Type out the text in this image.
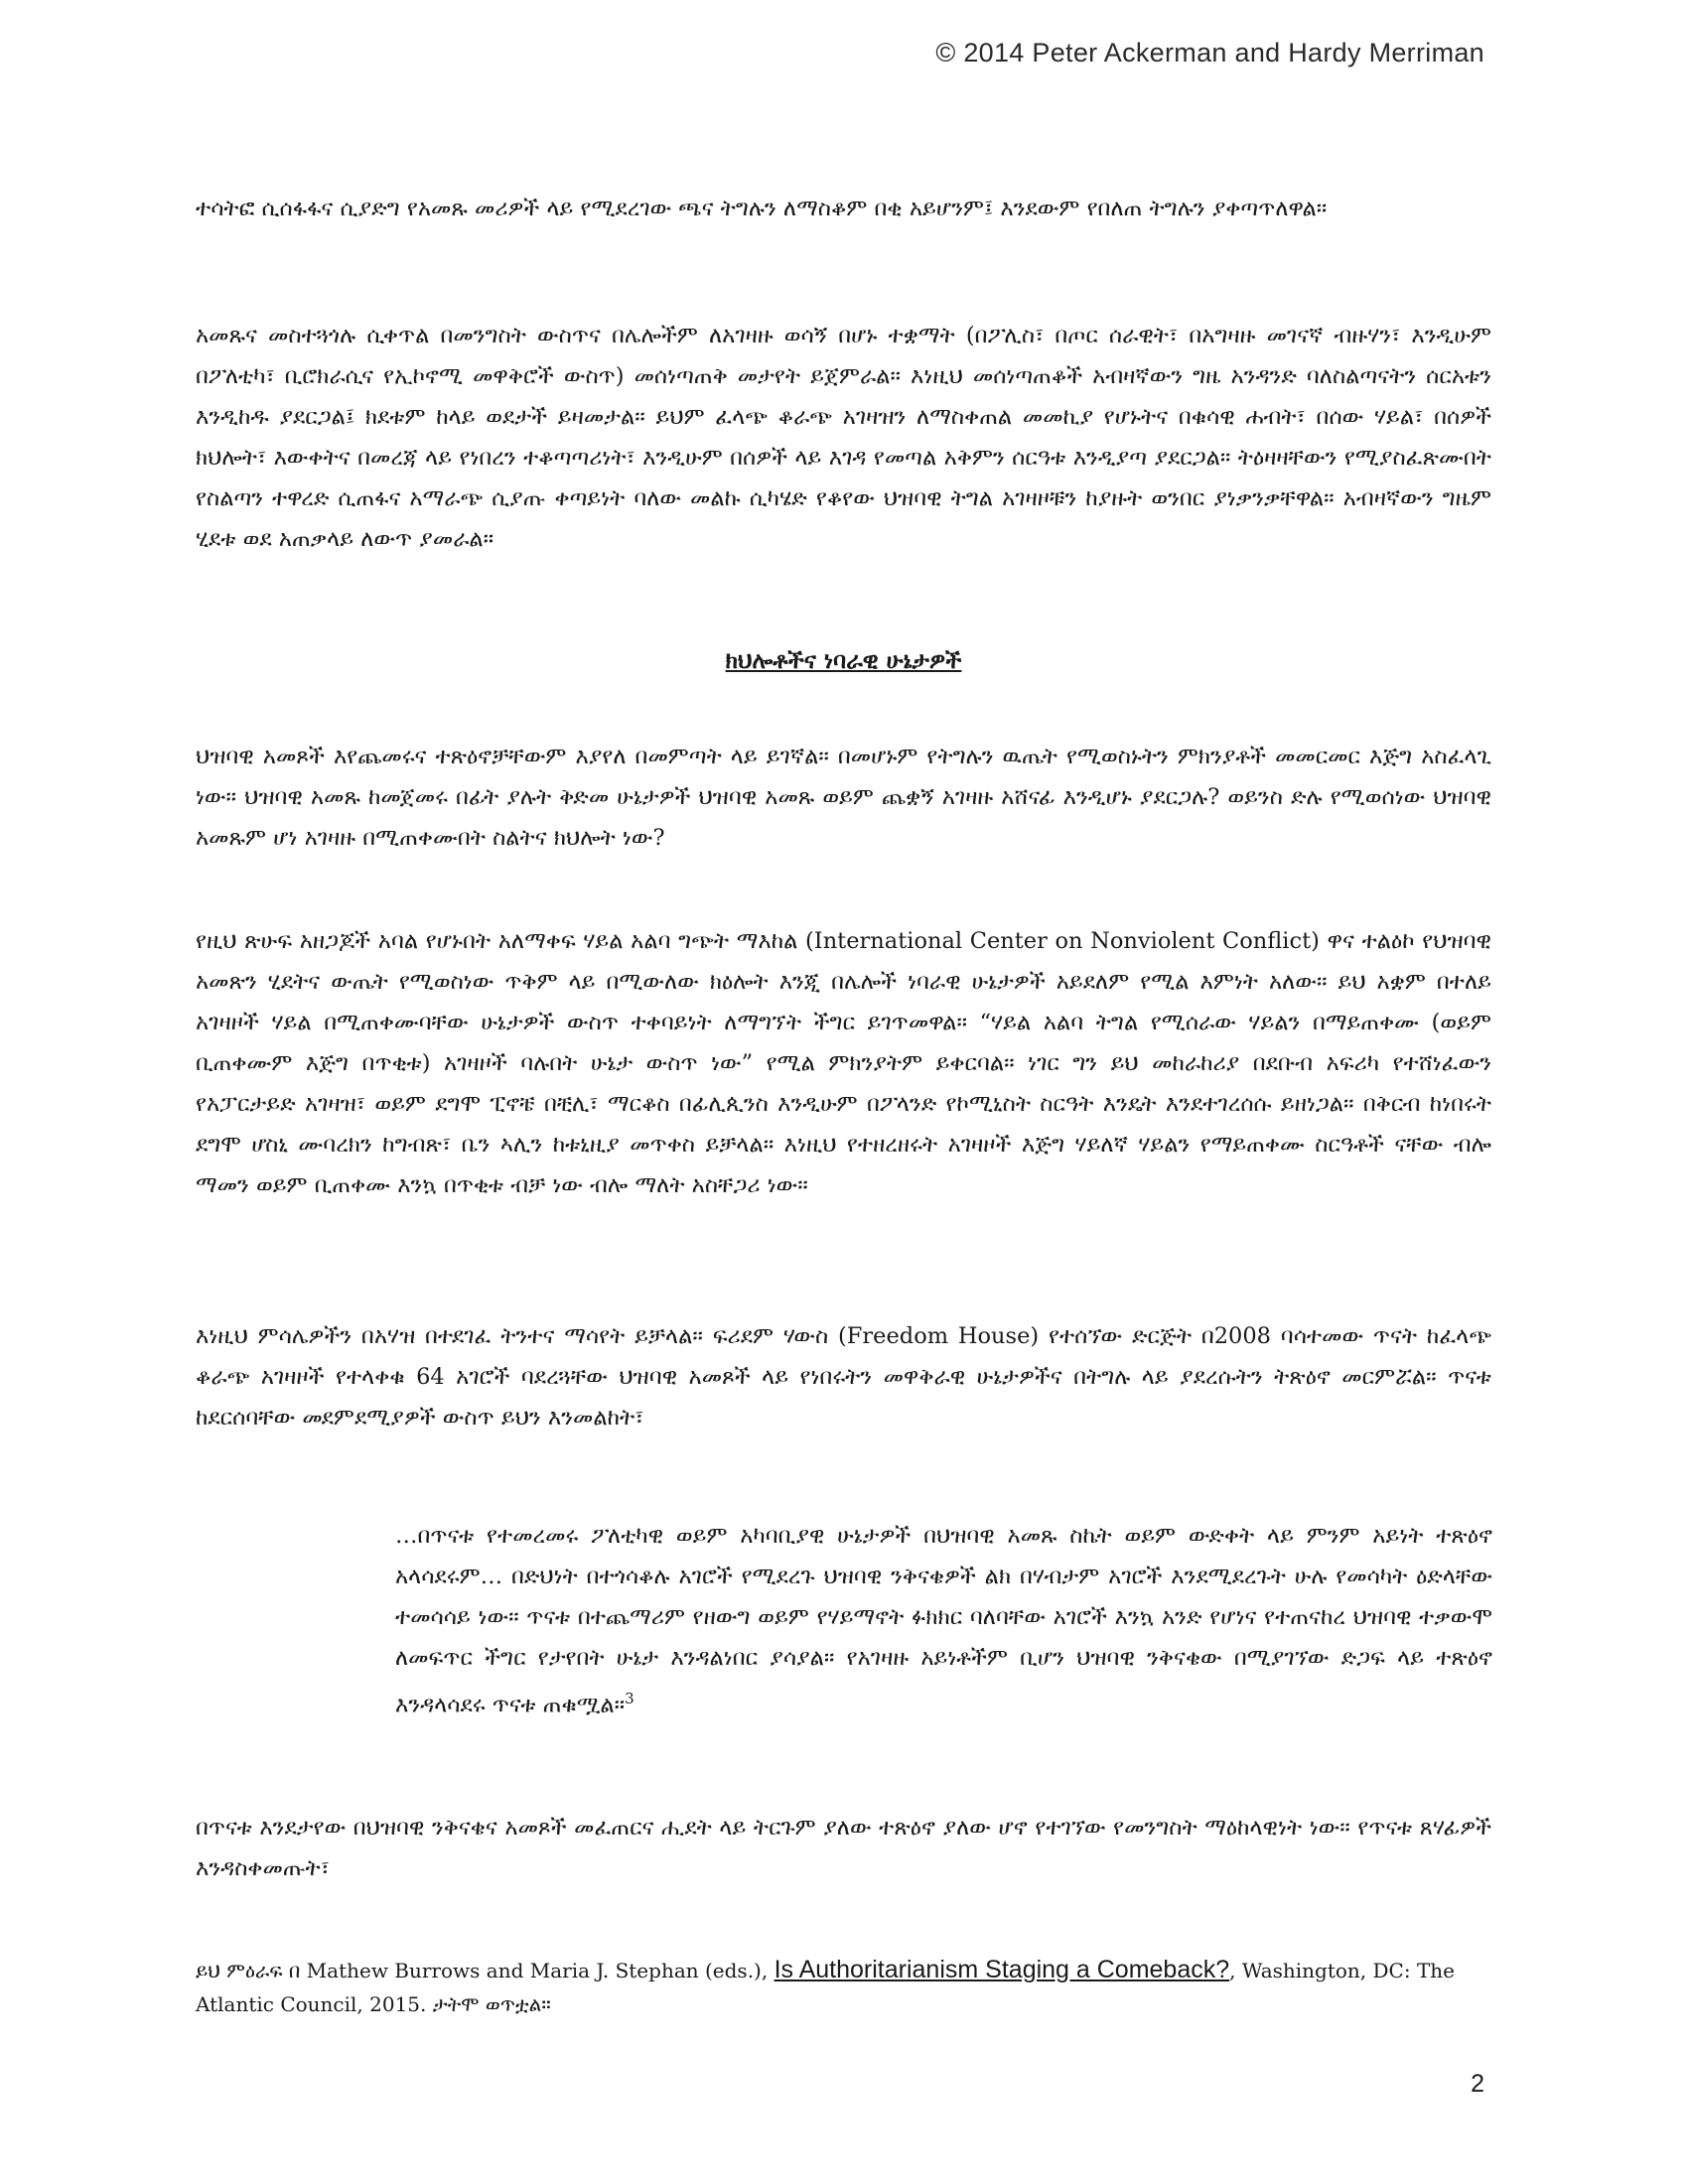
© 2014 Peter Ackerman and Hardy Merriman

ተሳትፎ ሲሰፋፋና ሲያድግ የአመጹ መሪዎች ላይ የሚደረገው ጫና ትግሉን ለማስቆም በቂ አይሆንም፤ እንደውም የበለጠ ትግሉን ያቀጣጥለዋል።

አመጹና መስተጓጎሉ ሲቀጥል በመንግስት ውስጥና በሌሎችም ለአገዛዙ ወሳኝ በሆኑ ተቋማት (በፖሊስ፣ በጦር ሰራዊት፣ በአግዛዙ መገናኛ ብዙሃን፣ እንዲሁም በፖለቲካ፣ ቢሮክራሲና የኢኮኖሚ መዋቅሮች ውስጥ) መሰነጣጠቅ መታየት ይጀምራል። እነዚህ መሰነጣጠቆች አብዛኛውን ግዜ አንዳንድ ባለስልጣናትን ሰርአቱን እንዲከዱ ያደርጋል፤ ክደቱም ከላይ ወደታች ይዛመታል። ይህም ፈላጭ ቆራጭ አገዛዝን ለማስቀጠል መመኪያ የሆኑትና በቁሳዊ ሐብት፣ በሰው ሃይል፣ በሰዎች ክህሎት፣ እውቀትና በመረጃ ላይ የነበረን ተቆጣጣሪነት፣ እንዲሁም በሰዎች ላይ እገዳ የመጣል አቅምን ሰርዓቱ እንዲያጣ ያደርጋል። ትዕዛዛቸውን የሚያስፈጽሙበት የስልጣን ተዋረድ ሲጠፋና አማራጭ ሲያጡ ቀጣይነት ባለው መልኩ ሲካሄድ የቆየው ህዝባዊ ትግል አገዛዞቹን ከያዙት ወንበር ያነቃንቃቸዋል። አብዛኛውን ግዜም ሂደቱ ወደ አጠቃላይ ለውጥ ያመራል።

ክህሎቶችና ነባራዊ ሁኔታዎች

ህዝባዊ አመጾች እየጨመሩና ተጽዕኖቻቸውም እያየለ በመምጣት ላይ ይገኛል። በመሆኑም የትግሉን ዉጤት የሚወስኑትን ምክንያቶች መመርመር እጅግ አስፈላጊ ነው። ህዝባዊ አመጹ ከመጀመሩ በፊት ያሉት ቅድመ ሁኔታዎች ህዝባዊ አመጹ ወይም ጨቋኝ አገዛዙ አሸናፊ እንዲሆኑ ያደርጋሉ? ወይንስ ድሉ የሚወሰነው ህዝባዊ አመጹም ሆነ አገዛዙ በሚጠቀሙበት ስልትና ክህሎት ነው?

የዚህ ጽሁፍ አዘጋጆች አባል የሆኑበት አለማቀፍ ሃይል አልባ ግጭት ማእከል (International Center on Nonviolent Conflict) ዋና ተልዕኮ የህዝባዊ አመጽን ሂደትና ውጤት የሚወስነው ጥቅም ላይ በሚውለው ክዕሎት እንጂ በሌሎች ነባራዊ ሁኔታዎች አይደለም የሚል እምነት አለው። ይህ አቋም በተለይ አገዛዞች ሃይል በሚጠቀሙባቸው ሁኔታዎች ውስጥ ተቀባይነት ለማግኘት ችግር ይገጥመዋል። “ሃይል አልባ ትግል የሚሰራው ሃይልን በማይጠቀሙ (ወይም ቢጠቀሙም እጅግ በጥቂቱ) አገዛዞች ባሉበት ሁኔታ ውስጥ ነው” የሚል ምክንያትም ይቀርባል። ነገር ግን ይህ መከራከሪያ በደቡብ አፍሪካ የተሸነፈውን የአፓርታይድ አገዛዝ፣ ወይም ደግሞ ፒኖቼ በቺሊ፣ ማርቆስ በፊሊጲንስ እንዲሁም በፖላንድ የኮሚኒስት ስርዓት እንዴት እንደተገረሰሱ ይዘነጋል። በቅርብ ከነበሩት ደግሞ ሆስኒ ሙባረክን ከግብጽ፣ ቤን ኣሊን ከቱኒዚያ መጥቀስ ይቻላል። እነዚህ የተዘረዘሩት አገዛዞች እጅግ ሃይለኛ ሃይልን የማይጠቀሙ ስርዓቶች ናቸው ብሎ ማመን ወይም ቢጠቀሙ እንኳ በጥቂቱ ብቻ ነው ብሎ ማለት አስቸጋሪ ነው።

እነዚህ ምሳሌዎችን በአሃዝ በተደገፈ ትንተና ማሳየት ይቻላል። ፍሪደም ሃውስ (Freedom House) የተሰኘው ድርጅት በ2008 ባሳተመው ጥናት ከፈላጭ ቆራጭ አገዛዞች የተላቀቁ 64 አገሮች ባደረጓቸው ህዝባዊ አመጾች ላይ የነበሩትን መዋቅራዊ ሁኔታዎችና በትግሉ ላይ ያደረሱትን ትጽዕኖ መርምሯል። ጥናቱ ከደርሰባቸው መደምደሚያዎች ውስጥ ይህን እንመልከት፣

…በጥናቱ የተመረመሩ ፖለቲካዊ ወይም አካባቢያዊ ሁኔታዎች በህዝባዊ አመጹ ስኬት ወይም ውድቀት ላይ ምንም አይነት ተጽዕኖ አላሳደሩም… በድህነት በተጎሳቆሉ አገሮች የሚደረጉ ህዝባዊ ንቅናቄዎች ልክ በሃብታም አገሮች እንደሚደረጉት ሁሉ የመሳካት ዕድላቸው ተመሳሳይ ነው። ጥናቱ በተጨማሪም የዘውግ ወይም የሃይማኖት ፉክክር ባለባቸው አገሮች እንኳ አንድ የሆነና የተጠናከረ ህዝባዊ ተቃውሞ ለመፍጥር ችግር የታየበት ሁኔታ እንዳልነበር ያሳያል። የአገዛዙ አይነቶችም ቢሆን ህዝባዊ ንቅናቄው በሚያገኘው ድጋፍ ላይ ተጽዕኖ እንዳላሳደሩ ጥናቱ ጠቁሟል።$^3$

በጥናቱ እንደታየው በህዝባዊ ንቅናቄና አመጾች መፈጠርና ሒደት ላይ ትርጉም ያለው ተጽዕኖ ያለው ሆኖ የተገኘው የመንግስት ማዕከላዊነት ነው። የጥናቱ ጸሃፊዎች እንዳስቀመጡት፣

ይህ ምዕራፍ በ Mathew Burrows and Maria J. Stephan (eds.), Is Authoritarianism Staging a Comeback?, Washington, DC: The Atlantic Council, 2015. ታትሞ ወጥቷል።

2
